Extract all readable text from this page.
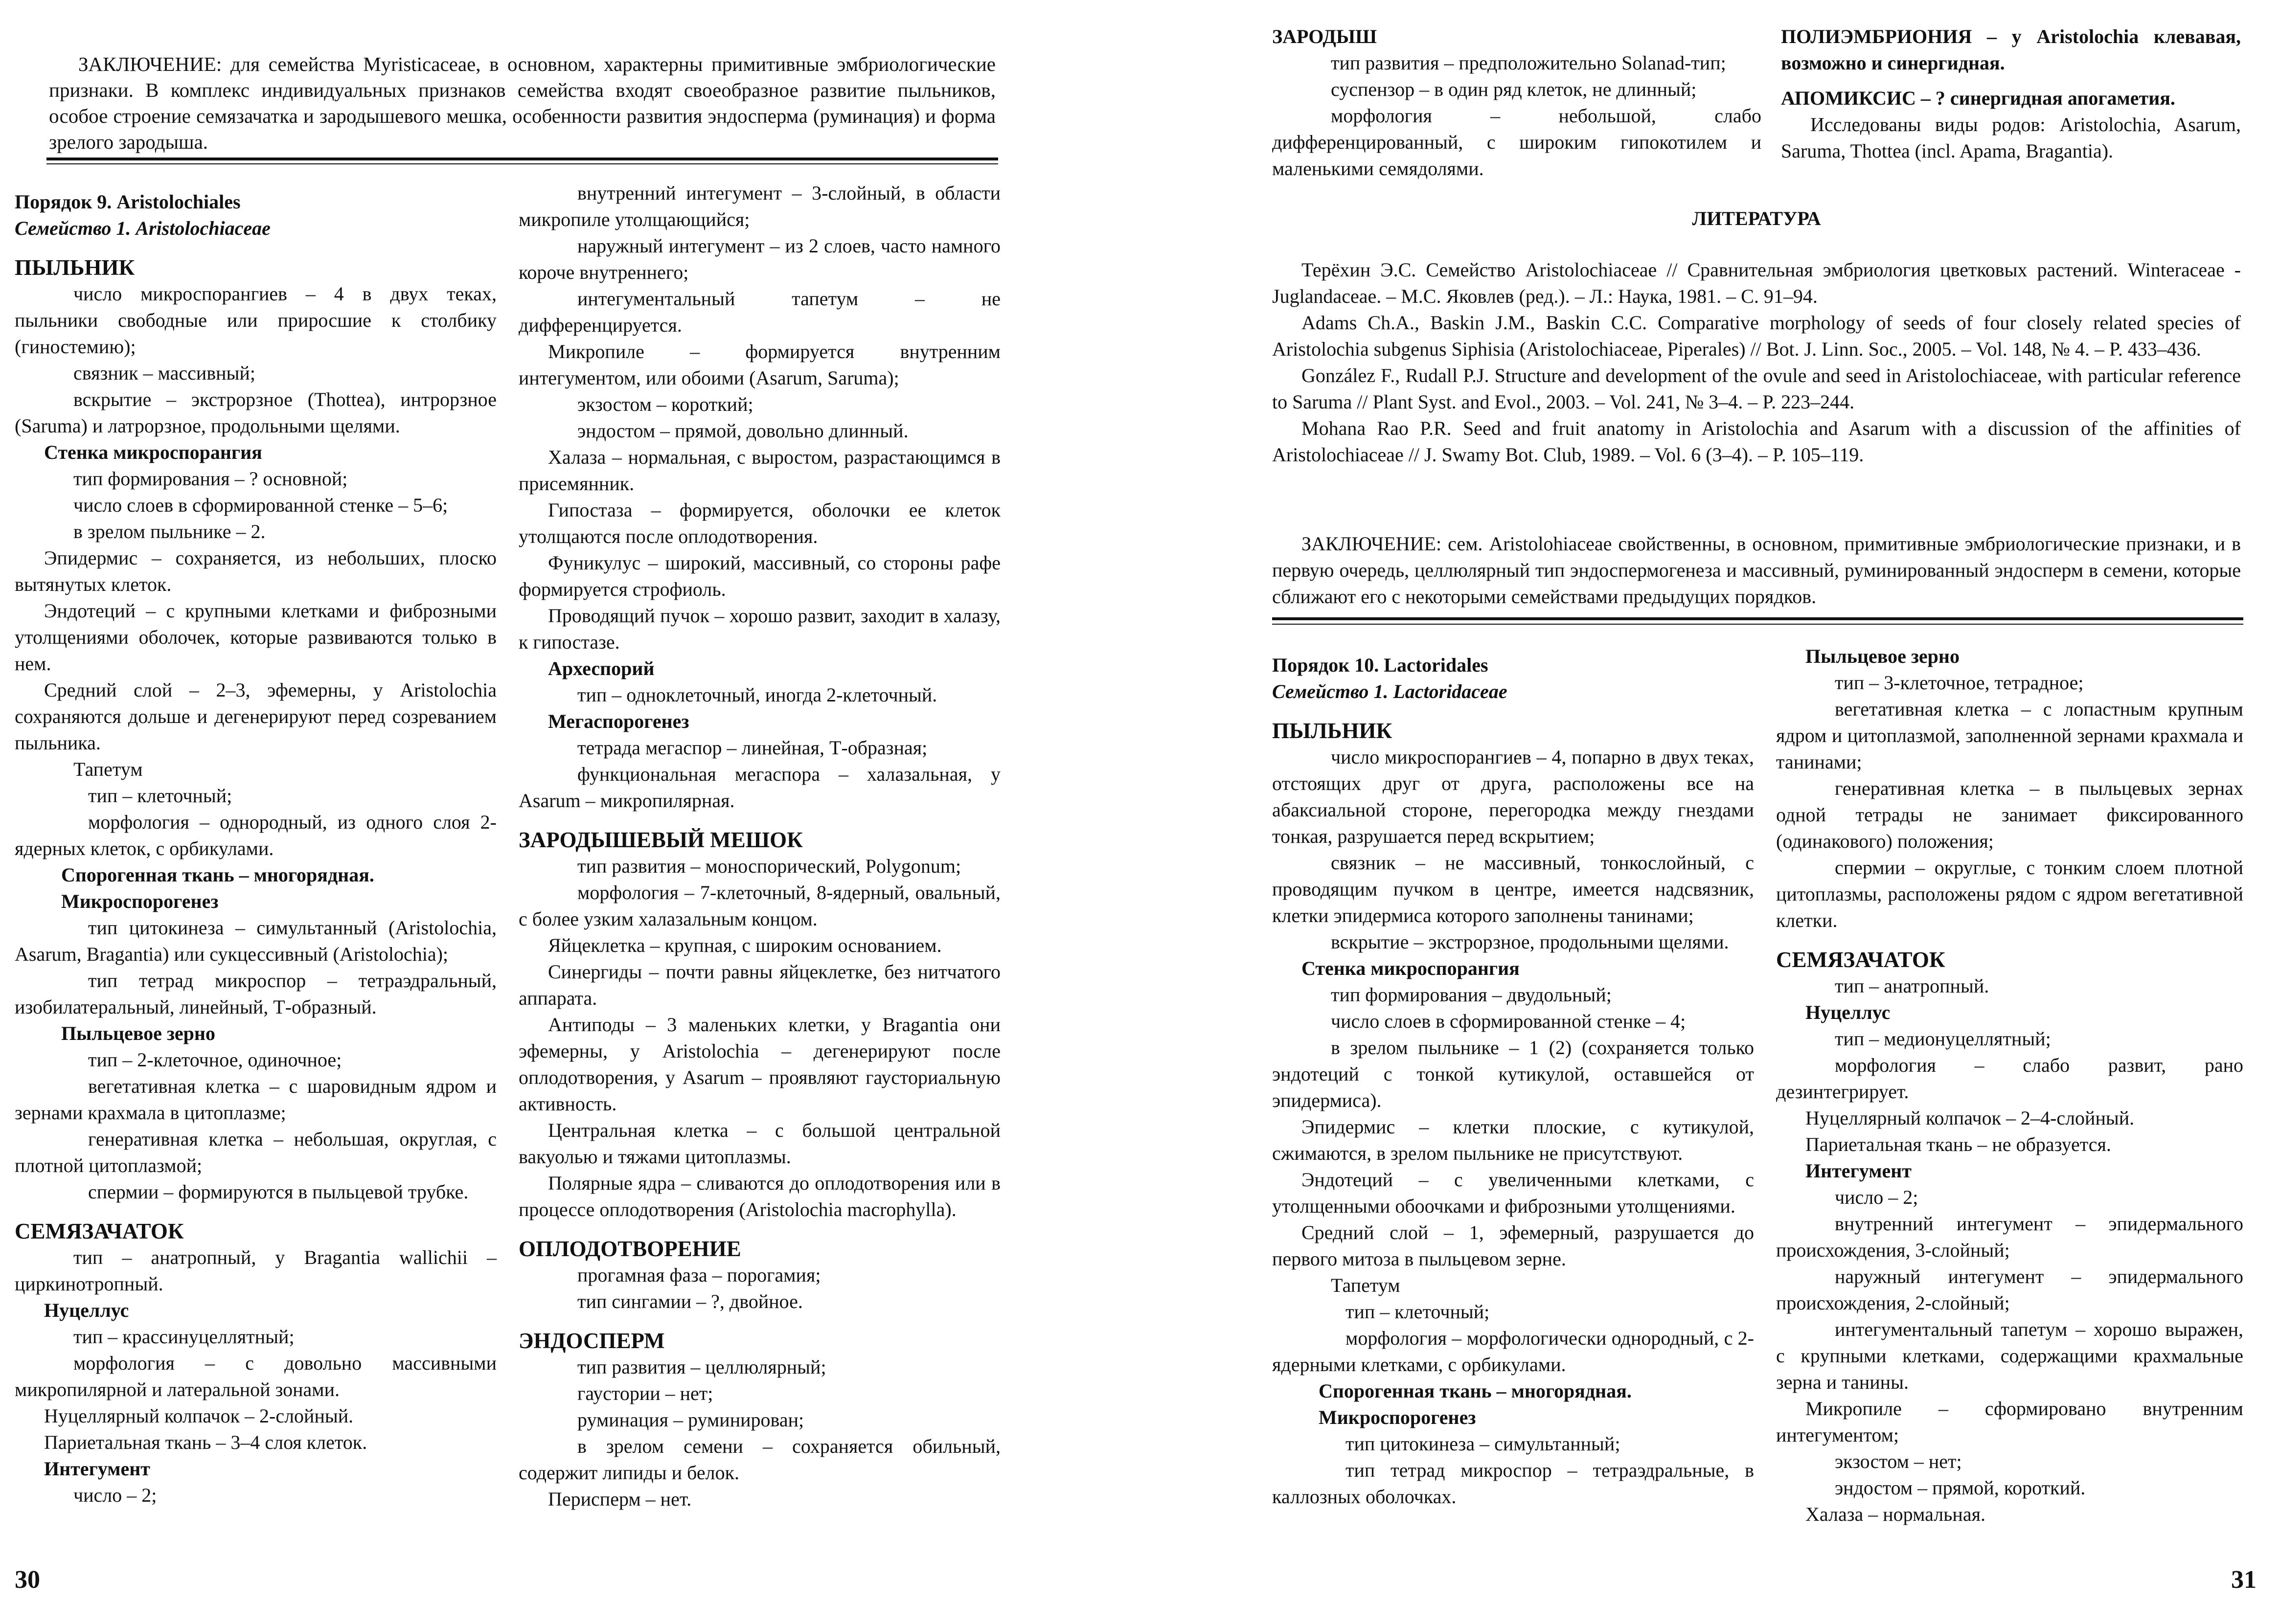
ЗАКЛЮЧЕНИЕ: для семейства Myristicaceae, в основном, характерны примитивные эмбриологические признаки. В комплекс индивидуальных признаков семейства входят своеобразное развитие пыльников, особое строение семязачатка и зародышевого мешка, особенности развития эндосперма (руминация) и форма зрелого зародыша.

Порядок 9. Aristolochiales

Семейство 1. Aristolochiaceae

ПЫЛЬНИК

число микроспорангиев – 4 в двух теках, пыльники свободные или приросшие к столбику (гиностемию);

связник – массивный;

вскрытие – экстрорзное (Thottea), интрорзное (Saruma) и латрорзное, продольными щелями.

Стенка микроспорангия

тип формирования – ? основной;

число слоев в сформированной стенке – 5–6;

в зрелом пыльнике – 2.

Эпидермис – сохраняется, из небольших, плоско вытянутых клеток.

Эндотеций – с крупными клетками и фиброзными утолщениями оболочек, которые развиваются только в нем.

Средний слой – 2–3, эфемерны, у Aristolochia сохраняются дольше и дегенерируют перед созреванием пыльника.

Тапетум

тип – клеточный;

морфология – однородный, из одного слоя 2-ядерных клеток, с орбикулами.

Спорогенная ткань – многорядная.

Микроспорогенез

тип цитокинеза – симультанный (Aristolochia, Asarum, Bragantia) или сукцессивный (Aristolochia);

тип тетрад микроспор – тетраэдральный, изобилатеральный, линейный, Т-образный.

Пыльцевое зерно

тип – 2-клеточное, одиночное;

вегетативная клетка – с шаровидным ядром и зернами крахмала в цитоплазме;

генеративная клетка – небольшая, округлая, с плотной цитоплазмой;

спермии – формируются в пыльцевой трубке.

СЕМЯЗАЧАТОК

тип – анатропный, у Bragantia wallichii – циркинотропный.

Нуцеллус

тип – крассинуцеллятный;

морфология – с довольно массивными микропилярной и латеральной зонами.

Нуцеллярный колпачок – 2-слойный.

Париетальная ткань – 3–4 слоя клеток.

Интегумент

число – 2;

внутренний интегумент – 3-слойный, в области микропиле утолщающийся;

наружный интегумент – из 2 слоев, часто намного короче внутреннего;

интегументальный тапетум – не дифференцируется.

Микропиле – формируется внутренним интегументом, или обоими (Asarum, Saruma);

экзостом – короткий;

эндостом – прямой, довольно длинный.

Халаза – нормальная, с выростом, разрастающимся в присемянник.

Гипостаза – формируется, оболочки ее клеток утолщаются после оплодотворения.

Фуникулус – широкий, массивный, со стороны рафе формируется строфиоль.

Проводящий пучок – хорошо развит, заходит в халазу, к гипостазе.

Археспорий

тип – одноклеточный, иногда 2-клеточный.

Мегаспорогенез

тетрада мегаспор – линейная, Т-образная;

функциональная мегаспора – халазальная, у Asarum – микропилярная.

ЗАРОДЫШЕВЫЙ МЕШОК

тип развития – моноспорический, Polygonum;

морфология – 7-клеточный, 8-ядерный, овальный, с более узким халазальным концом.

Яйцеклетка – крупная, с широким основанием.

Синергиды – почти равны яйцеклетке, без нитчатого аппарата.

Антиподы – 3 маленьких клетки, у Bragantia они эфемерны, у Aristolochia – дегенерируют после оплодотворения, у Asarum – проявляют гаусториальную активность.

Центральная клетка – с большой центральной вакуолью и тяжами цитоплазмы.

Полярные ядра – сливаются до оплодотворения или в процессе оплодотворения (Aristolochia macrophylla).

ОПЛОДОТВОРЕНИЕ

прогамная фаза – порогамия;

тип сингамии – ?, двойное.

ЭНДОСПЕРМ

тип развития – целлюлярный;

гаустории – нет;

руминация – руминирован;

в зрелом семени – сохраняется обильный, содержит липиды и белок.

Перисперм – нет.

30

ЗАРОДЫШ

тип развития – предположительно Solanad-тип;

суспензор – в один ряд клеток, не длинный;

морфология – небольшой, слабо дифференцированный, с широким гипокотилем и маленькими семядолями.

ПОЛИЭМБРИОНИЯ – у Aristolochia клевавая, возможно и синергидная.

АПОМИКСИС – ? синергидная апогаметия.

Исследованы виды родов: Aristolochia, Asarum, Saruma, Thottea (incl. Apama, Bragantia).

ЛИТЕРАТУРА

Терёхин Э.С. Семейство Aristolochiaceae // Сравнительная эмбриология цветковых растений. Winteraceae - Juglandaceae. – М.С. Яковлев (ред.). – Л.: Наука, 1981. – С. 91–94.

Adams Ch.A., Baskin J.M., Baskin C.C. Comparative morphology of seeds of four closely related species of Aristolochia subgenus Siphisia (Aristolochiaceae, Piperales) // Bot. J. Linn. Soc., 2005. – Vol. 148, № 4. – P. 433–436.

González F., Rudall P.J. Structure and development of the ovule and seed in Aristolochiaceae, with particular reference to Saruma // Plant Syst. and Evol., 2003. – Vol. 241, № 3–4. – P. 223–244.

Mohana Rao P.R. Seed and fruit anatomy in Aristolochia and Asarum with a discussion of the affinities of Aristolochiaceae // J. Swamy Bot. Club, 1989. – Vol. 6 (3–4). – P. 105–119.

ЗАКЛЮЧЕНИЕ: сем. Aristolohiaceae свойственны, в основном, примитивные эмбриологические признаки, и в первую очередь, целлюлярный тип эндоспермогенеза и массивный, руминированный эндосперм в семени, которые сближают его с некоторыми семействами предыдущих порядков.

Порядок 10. Lactoridales

Семейство 1. Lactoridaceae

ПЫЛЬНИК

число микроспорангиев – 4, попарно в двух теках, отстоящих друг от друга, расположены все на абаксиальной стороне, перегородка между гнездами тонкая, разрушается перед вскрытием;

связник – не массивный, тонкослойный, с проводящим пучком в центре, имеется надсвязник, клетки эпидермиса которого заполнены танинами;

вскрытие – экстрорзное, продольными щелями.

Стенка микроспорангия

тип формирования – двудольный;

число слоев в сформированной стенке – 4;

в зрелом пыльнике – 1 (2) (сохраняется только эндотеций с тонкой кутикулой, оставшейся от эпидермиса).

Эпидермис – клетки плоские, с кутикулой, сжимаются, в зрелом пыльнике не присутствуют.

Эндотеций – с увеличенными клетками, с утолщенными обоочками и фиброзными утолщениями.

Средний слой – 1, эфемерный, разрушается до первого митоза в пыльцевом зерне.

Тапетум

тип – клеточный;

морфология – морфологически однородный, с 2-ядерными клетками, с орбикулами.

Спорогенная ткань – многорядная.

Микроспорогенез

тип цитокинеза – симультанный;

тип тетрад микроспор – тетраэдральные, в каллозных оболочках.

Пыльцевое зерно

тип – 3-клеточное, тетрадное;

вегетативная клетка – с лопастным крупным ядром и цитоплазмой, заполненной зернами крахмала и танинами;

генеративная клетка – в пыльцевых зернах одной тетрады не занимает фиксированного (одинакового) положения;

спермии – округлые, с тонким слоем плотной цитоплазмы, расположены рядом с ядром вегетативной клетки.

СЕМЯЗАЧАТОК

тип – анатропный.

Нуцеллус

тип – медионуцеллятный;

морфология – слабо развит, рано дезинтегрирует.

Нуцеллярный колпачок – 2–4-слойный.

Париетальная ткань – не образуется.

Интегумент

число – 2;

внутренний интегумент – эпидермального происхождения, 3-слойный;

наружный интегумент – эпидермального происхождения, 2-слойный;

интегументальный тапетум – хорошо выражен, с крупными клетками, содержащими крахмальные зерна и танины.

Микропиле – сформировано внутренним интегументом;

экзостом – нет;

эндостом – прямой, короткий.

Халаза – нормальная.

31
